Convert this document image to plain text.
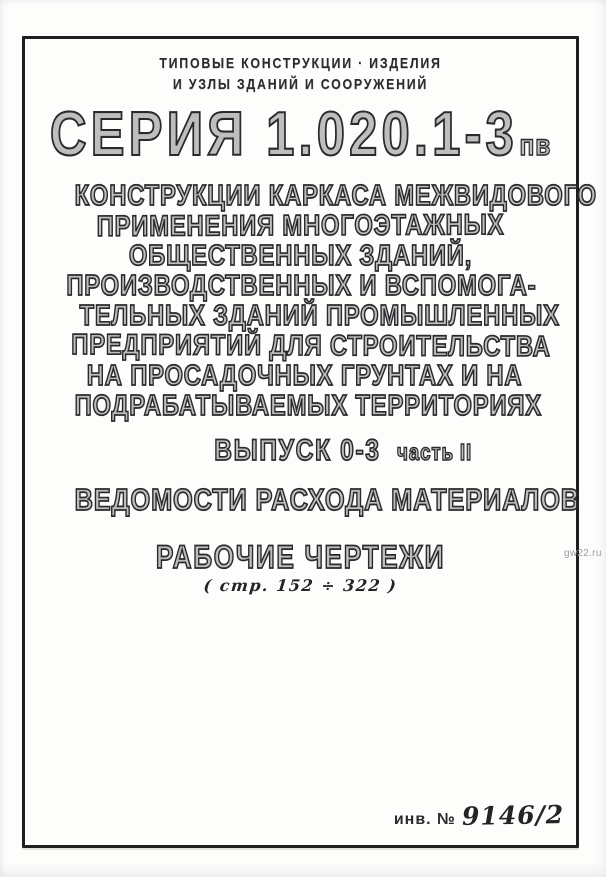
ТИПОВЫЕ КОНСТРУКЦИИ · ИЗДЕЛИЯ
И УЗЛЫ ЗДАНИЙ И СООРУЖЕНИЙ
СЕРИЯ 1.020.1-3 пв
КОНСТРУКЦИИ КАРКАСА МЕЖВИДОВОГО
ПРИМЕНЕНИЯ МНОГОЭТАЖНЫХ
ОБЩЕСТВЕННЫХ ЗДАНИЙ,
ПРОИЗВОДСТВЕННЫХ И ВСПОМОГА-
ТЕЛЬНЫХ ЗДАНИЙ ПРОМЫШЛЕННЫХ
ПРЕДПРИЯТИЙ ДЛЯ СТРОИТЕЛЬСТВА
НА ПРОСАДОЧНЫХ ГРУНТАХ И НА
ПОДРАБАТЫВАЕМЫХ ТЕРРИТОРИЯХ
ВЫПУСК 0-3 часть II
ВЕДОМОСТИ РАСХОДА МАТЕРИАЛОВ
РАБОЧИЕ ЧЕРТЕЖИ
( стр. 152 ÷ 322 )
инв. № 9146/2
gw22.ru
